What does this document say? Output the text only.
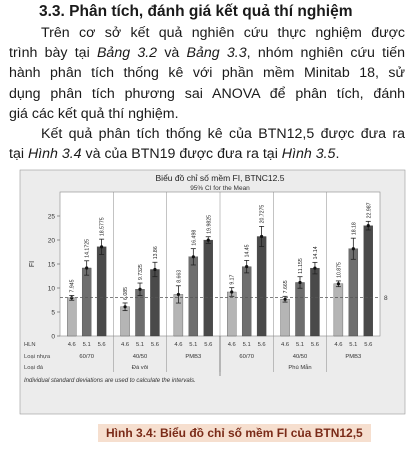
3.3. Phân tích, đánh giá kết quả thí nghiệm
Trên cơ sở kết quả nghiên cứu thực nghiệm được
trình bày tại Bảng 3.2 và Bảng 3.3, nhóm nghiên cứu tiến
hành phân tích thống kê với phần mềm Minitab 18, sử
dụng phân tích phương sai ANOVA để phân tích, đánh
giá các kết quả thí nghiệm.
Kết quả phân tích thống kê của BTN12,5 được đưa ra
tại Hình 3.4 và của BTN19 được đưa ra tại Hình 3.5.
Biểu đồ chỉ số mềm FI, BTNC12.5
95% CI for the Mean
0
5
10
15
20
25
FI
7.945
14.1725
18.5775
6.085
9.7325
13.86
8.663
16.498
19.9825
9.17
14.45
20.7275
7.665
11.155
14.14
10.875
18.18
22.987
8
HLN
Loại nhựa
Loại đá
4.6 5.1 5.6	4.6 5.1 5.6	4.6 5.1 5.6	4.6 5.1 5.6	4.6 5.1 5.6	4.6 5.1 5.6
60/70	40/50	PMB3	60/70	40/50	PMB3
Đá vôi	Phú Mẫn
Individual standard deviations are used to calculate the intervals.
Hình 3.4: Biểu đồ chỉ số mềm FI của BTN12,5
